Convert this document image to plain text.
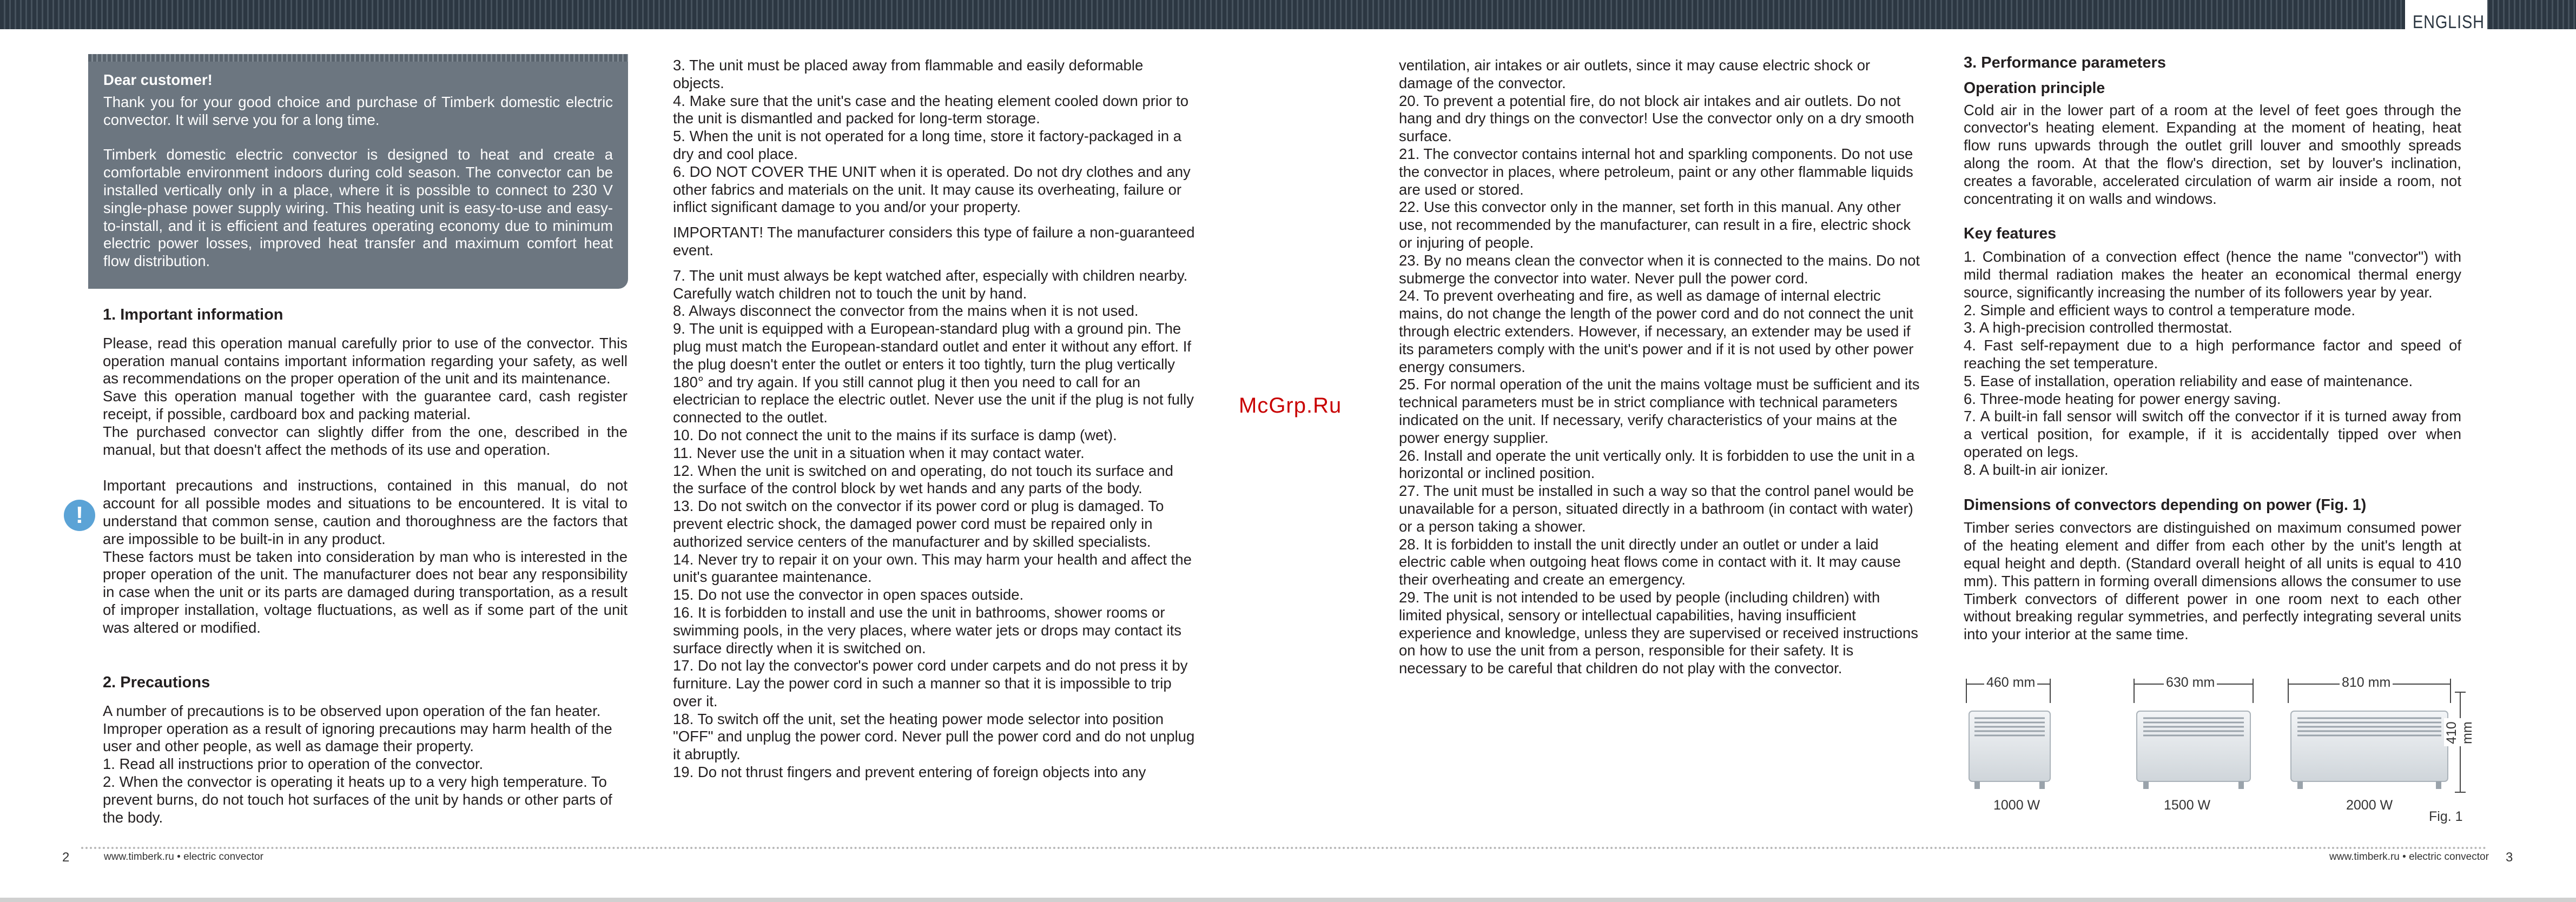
ENGLISH

Dear customer!

Thank you for your good choice and purchase of Timberk domestic electric convector. It will serve you for a long time.

Timberk domestic electric convector is designed to heat and create a comfortable environment indoors during cold season. The convector can be installed vertically only in a place, where it is possible to connect to 230 V single-phase power supply wiring. This heating unit is easy-to-use and easy-to-install, and it is efficient and features operating economy due to minimum electric power losses, improved heat transfer and maximum comfort heat flow distribution.

1. Important information

Please, read this operation manual carefully prior to use of the convector. This operation manual contains important information regarding your safety, as well as recommendations on the proper operation of the unit and its maintenance.

Save this operation manual together with the guarantee card, cash register receipt, if possible, cardboard box and packing material.

The purchased convector can slightly differ from the one, described in the manual, but that doesn't affect the methods of its use and operation.

Important precautions and instructions, contained in this manual, do not account for all possible modes and situations to be encountered. It is vital to understand that common sense, caution and thoroughness are the factors that are impossible to be built-in in any product.

These factors must be taken into consideration by man who is interested in the proper operation of the unit. The manufacturer does not bear any responsibility in case when the unit or its parts are damaged during transportation, as a result of improper installation, voltage fluctuations, as well as if some part of the unit was altered or modified.

!

2. Precautions

A number of precautions is to be observed upon operation of the fan heater. Improper operation as a result of ignoring precautions may harm health of the user and other people, as well as damage their property.

1. Read all instructions prior to operation of the convector.

2. When the convector is operating it heats up to a very high temperature. To prevent burns, do not touch hot surfaces of the unit by hands or other parts of the body.

3. The unit must be placed away from flammable and easily deformable objects.

4. Make sure that the unit's case and the heating element cooled down prior to the unit is dismantled and packed for long-term storage.

5. When the unit is not operated for a long time, store it factory-packaged in a dry and cool place.

6. DO NOT COVER THE UNIT when it is operated. Do not dry clothes and any other fabrics and materials on the unit. It may cause its overheating, failure or inflict significant damage to you and/or your property.

IMPORTANT! The manufacturer considers this type of failure a non-guaranteed event.

7. The unit must always be kept watched after, especially with children nearby. Carefully watch children not to touch the unit by hand.

8. Always disconnect the convector from the mains when it is not used.

9. The unit is equipped with a European-standard plug with a ground pin. The plug must match the European-standard outlet and enter it without any effort. If the plug doesn't enter the outlet or enters it too tightly, turn the plug vertically 180° and try again. If you still cannot plug it then you need to call for an electrician to replace the electric outlet. Never use the unit if the plug is not fully connected to the outlet.

10. Do not connect the unit to the mains if its surface is damp (wet).

11. Never use the unit in a situation when it may contact water.

12. When the unit is switched on and operating, do not touch its surface and the surface of the control block by wet hands and any parts of the body.

13. Do not switch on the convector if its power cord or plug is damaged. To prevent electric shock, the damaged power cord must be repaired only in authorized service centers of the manufacturer and by skilled specialists.

14. Never try to repair it on your own. This may harm your health and affect the unit's guarantee maintenance.

15. Do not use the convector in open spaces outside.

16. It is forbidden to install and use the unit in bathrooms, shower rooms or swimming pools, in the very places, where water jets or drops may contact its surface directly when it is switched on.

17. Do not lay the convector's power cord under carpets and do not press it by furniture. Lay the power cord in such a manner so that it is impossible to trip over it.

18. To switch off the unit, set the heating power mode selector into position "OFF" and unplug the power cord. Never pull the power cord and do not unplug it abruptly.

19. Do not thrust fingers and prevent entering of foreign objects into any

McGrp.Ru

ventilation, air intakes or air outlets, since it may cause electric shock or damage of the convector.

20. To prevent a potential fire, do not block air intakes and air outlets. Do not hang and dry things on the convector! Use the convector only on a dry smooth surface.

21. The convector contains internal hot and sparkling components. Do not use the convector in places, where petroleum, paint or any other flammable liquids are used or stored.

22. Use this convector only in the manner, set forth in this manual. Any other use, not recommended by the manufacturer, can result in a fire, electric shock or injuring of people.

23. By no means clean the convector when it is connected to the mains. Do not submerge the convector into water. Never pull the power cord.

24. To prevent overheating and fire, as well as damage of internal electric mains, do not change the length of the power cord and do not connect the unit through electric extenders. However, if necessary, an extender may be used if its parameters comply with the unit's power and if it is not used by other power energy consumers.

25. For normal operation of the unit the mains voltage must be sufficient and its technical parameters must be in strict compliance with technical parameters indicated on the unit. If necessary, verify characteristics of your mains at the power energy supplier.

26. Install and operate the unit vertically only. It is forbidden to use the unit in a horizontal or inclined position.

27. The unit must be installed in such a way so that the control panel would be unavailable for a person, situated directly in a bathroom (in contact with water) or a person taking a shower.

28. It is forbidden to install the unit directly under an outlet or under a laid electric cable when outgoing heat flows come in contact with it. It may cause their overheating and create an emergency.

29. The unit is not intended to be used by people (including children) with limited physical, sensory or intellectual capabilities, having insufficient experience and knowledge, unless they are supervised or received instructions on how to use the unit from a person, responsible for their safety. It is necessary to be careful that children do not play with the convector.

3. Performance parameters

Operation principle

Cold air in the lower part of a room at the level of feet goes through the convector's heating element. Expanding at the moment of heating, heat flow runs upwards through the outlet grill louver and smoothly spreads along the room. At that the flow's direction, set by louver's inclination, creates a favorable, accelerated circulation of warm air inside a room, not concentrating it on walls and windows.

Key features

1. Combination of a convection effect (hence the name "convector") with mild thermal radiation makes the heater an economical thermal energy source, significantly increasing the number of its followers year by year.

2. Simple and efficient ways to control a temperature mode.

3. A high-precision controlled thermostat.

4. Fast self-repayment due to a high performance factor and speed of reaching the set temperature.

5. Ease of installation, operation reliability and ease of maintenance.

6. Three-mode heating for power energy saving.

7. A built-in fall sensor will switch off the convector if it is turned away from a vertical position, for example, if it is accidentally tipped over when operated on legs.

8. A built-in air ionizer.

Dimensions of convectors depending on power (Fig. 1)

Timber series convectors are distinguished on maximum consumed power of the heating element and differ from each other by the unit's length at equal height and depth. (Standard overall height of all units is equal to 410 mm). This pattern in forming overall dimensions allows the consumer to use Timberk convectors of different power in one room next to each other without breaking regular symmetries, and perfectly integrating several units into your interior at the same time.

460 mm	630 mm	810 mm
410 mm
1000 W	1500 W	2000 W
Fig. 1
2	www.timberk.ru • electric convector	www.timberk.ru • electric convector 3
